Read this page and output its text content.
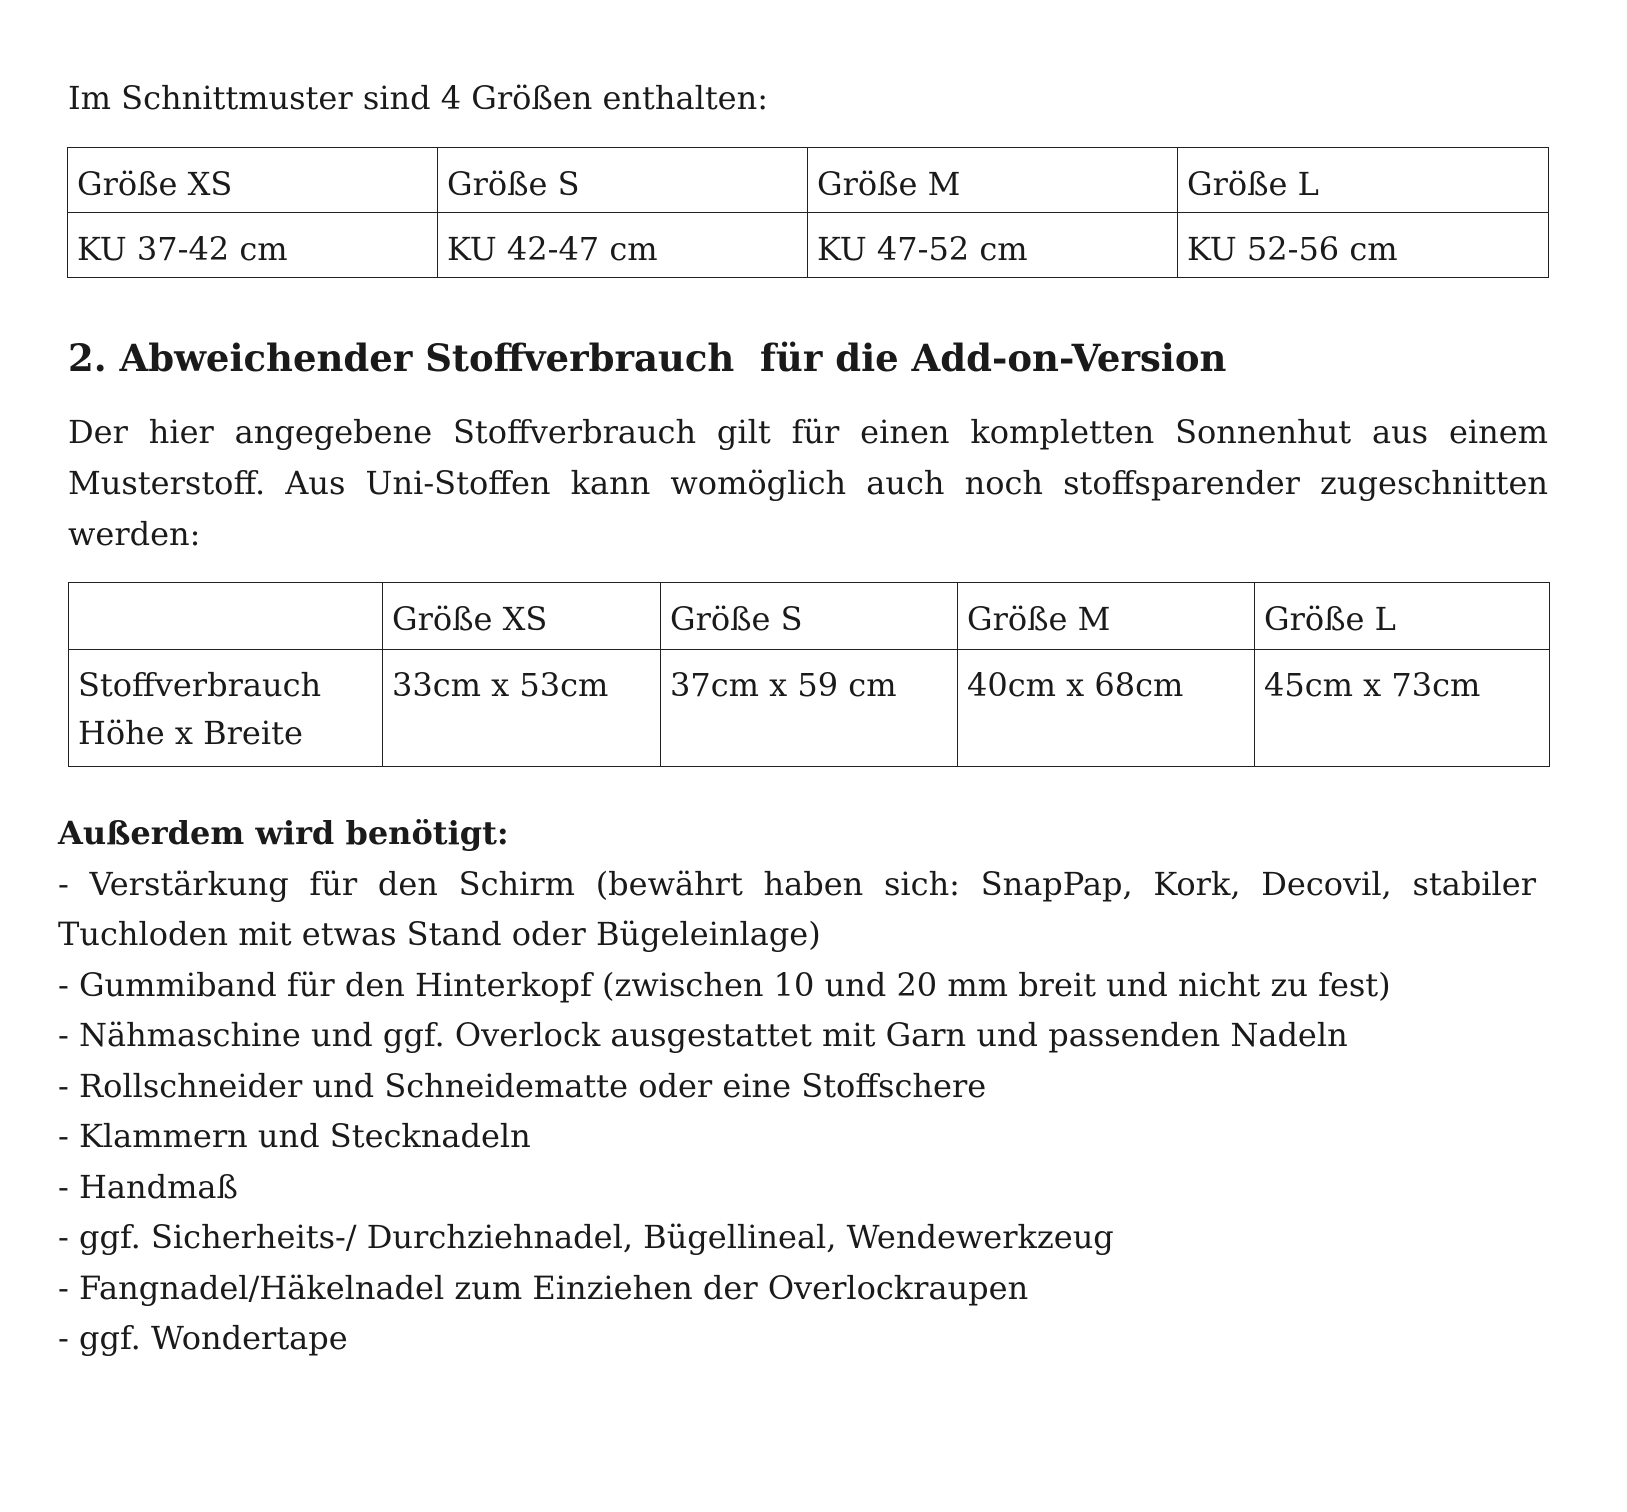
Im Schnittmuster sind 4 Größen enthalten:
Größe XS	Größe S	Größe M	Größe L
KU 37-42 cm	KU 42-47 cm	KU 47-52 cm	KU 52-56 cm
2. Abweichender Stoffverbrauch  für die Add-on-Version

Der hier angegebene Stoffverbrauch gilt für einen kompletten Sonnenhut aus einem Musterstoff. Aus Uni-Stoffen kann womöglich auch noch stoffsparender zugeschnitten werden:

	Größe XS	Größe S	Größe M	Größe L

Stoffverbrauch
Höhe x Breite	33cm x 53cm	37cm x 59 cm	40cm x 68cm	45cm x 73cm
Außerdem wird benötigt:
- Verstärkung für den Schirm (bewährt haben sich: SnapPap, Kork, Decovil, stabiler Tuchloden mit etwas Stand oder Bügeleinlage)
- Gummiband für den Hinterkopf (zwischen 10 und 20 mm breit und nicht zu fest)
- Nähmaschine und ggf. Overlock ausgestattet mit Garn und passenden Nadeln
- Rollschneider und Schneidematte oder eine Stoffschere
- Klammern und Stecknadeln
- Handmaß
- ggf. Sicherheits-/ Durchziehnadel, Bügellineal, Wendewerkzeug
- Fangnadel/Häkelnadel zum Einziehen der Overlockraupen
- ggf. Wondertape
